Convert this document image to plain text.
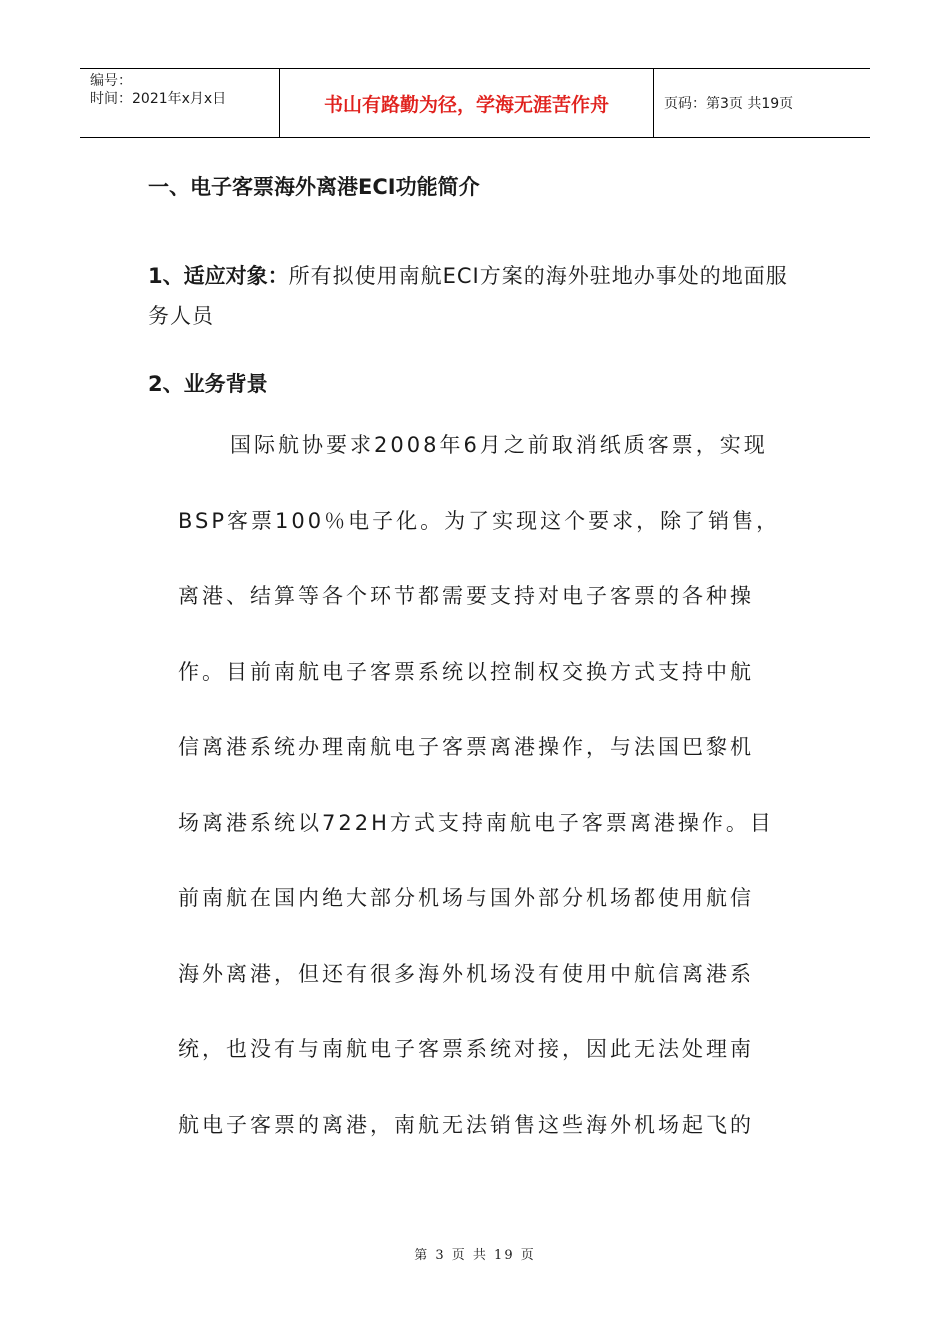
编号：
时间：2021年x月x日	书山有路勤为径，学海无涯苦作舟	页码：第3页 共19页
一、电子客票海外离港ECI功能简介
1、适应对象：所有拟使用南航ECI方案的海外驻地办事处的地面服务人员
2、业务背景
国际航协要求2008年6月之前取消纸质客票，实现
BSP客票100％电子化。为了实现这个要求，除了销售，
离港、结算等各个环节都需要支持对电子客票的各种操
作。目前南航电子客票系统以控制权交换方式支持中航
信离港系统办理南航电子客票离港操作，与法国巴黎机
场离港系统以722H方式支持南航电子客票离港操作。目
前南航在国内绝大部分机场与国外部分机场都使用航信
海外离港，但还有很多海外机场没有使用中航信离港系
统，也没有与南航电子客票系统对接，因此无法处理南
航电子客票的离港，南航无法销售这些海外机场起飞的
第 3 页 共 19 页
